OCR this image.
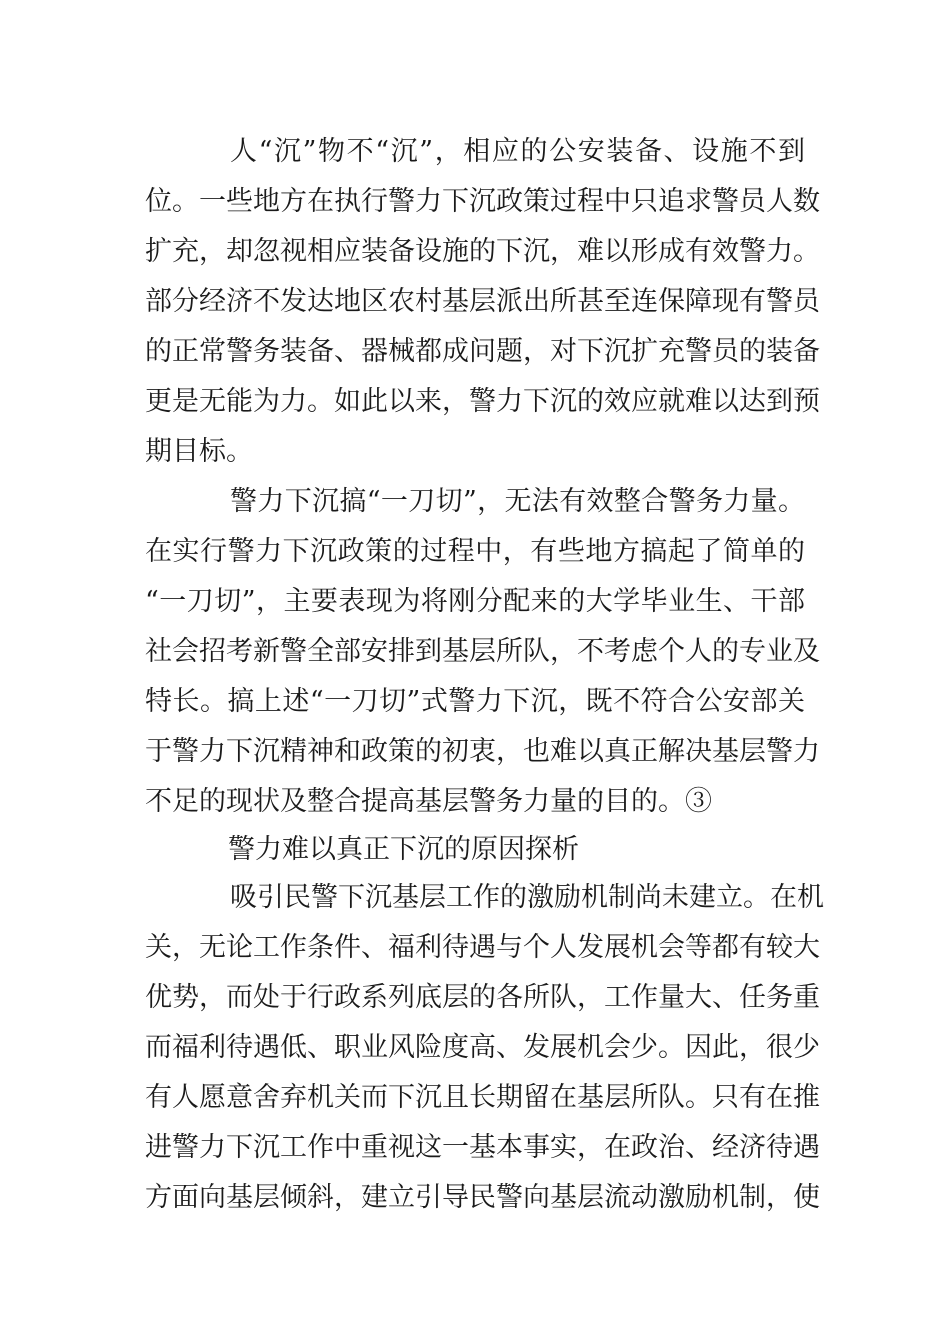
人“沉”物不“沉”，相应的公安装备、设施不到
位。一些地方在执行警力下沉政策过程中只追求警员人数
扩充，却忽视相应装备设施的下沉，难以形成有效警力。
部分经济不发达地区农村基层派出所甚至连保障现有警员
的正常警务装备、器械都成问题，对下沉扩充警员的装备
更是无能为力。如此以来，警力下沉的效应就难以达到预
期目标。
警力下沉搞“一刀切”，无法有效整合警务力量。
在实行警力下沉政策的过程中，有些地方搞起了简单的
“一刀切”，主要表现为将刚分配来的大学毕业生、干部
社会招考新警全部安排到基层所队，不考虑个人的专业及
特长。搞上述“一刀切”式警力下沉，既不符合公安部关
于警力下沉精神和政策的初衷，也难以真正解决基层警力
不足的现状及整合提高基层警务力量的目的。③
警力难以真正下沉的原因探析
吸引民警下沉基层工作的激励机制尚未建立。在机
关，无论工作条件、福利待遇与个人发展机会等都有较大
优势，而处于行政系列底层的各所队，工作量大、任务重
而福利待遇低、职业风险度高、发展机会少。因此，很少
有人愿意舍弃机关而下沉且长期留在基层所队。只有在推
进警力下沉工作中重视这一基本事实，在政治、经济待遇
方面向基层倾斜，建立引导民警向基层流动激励机制，使
